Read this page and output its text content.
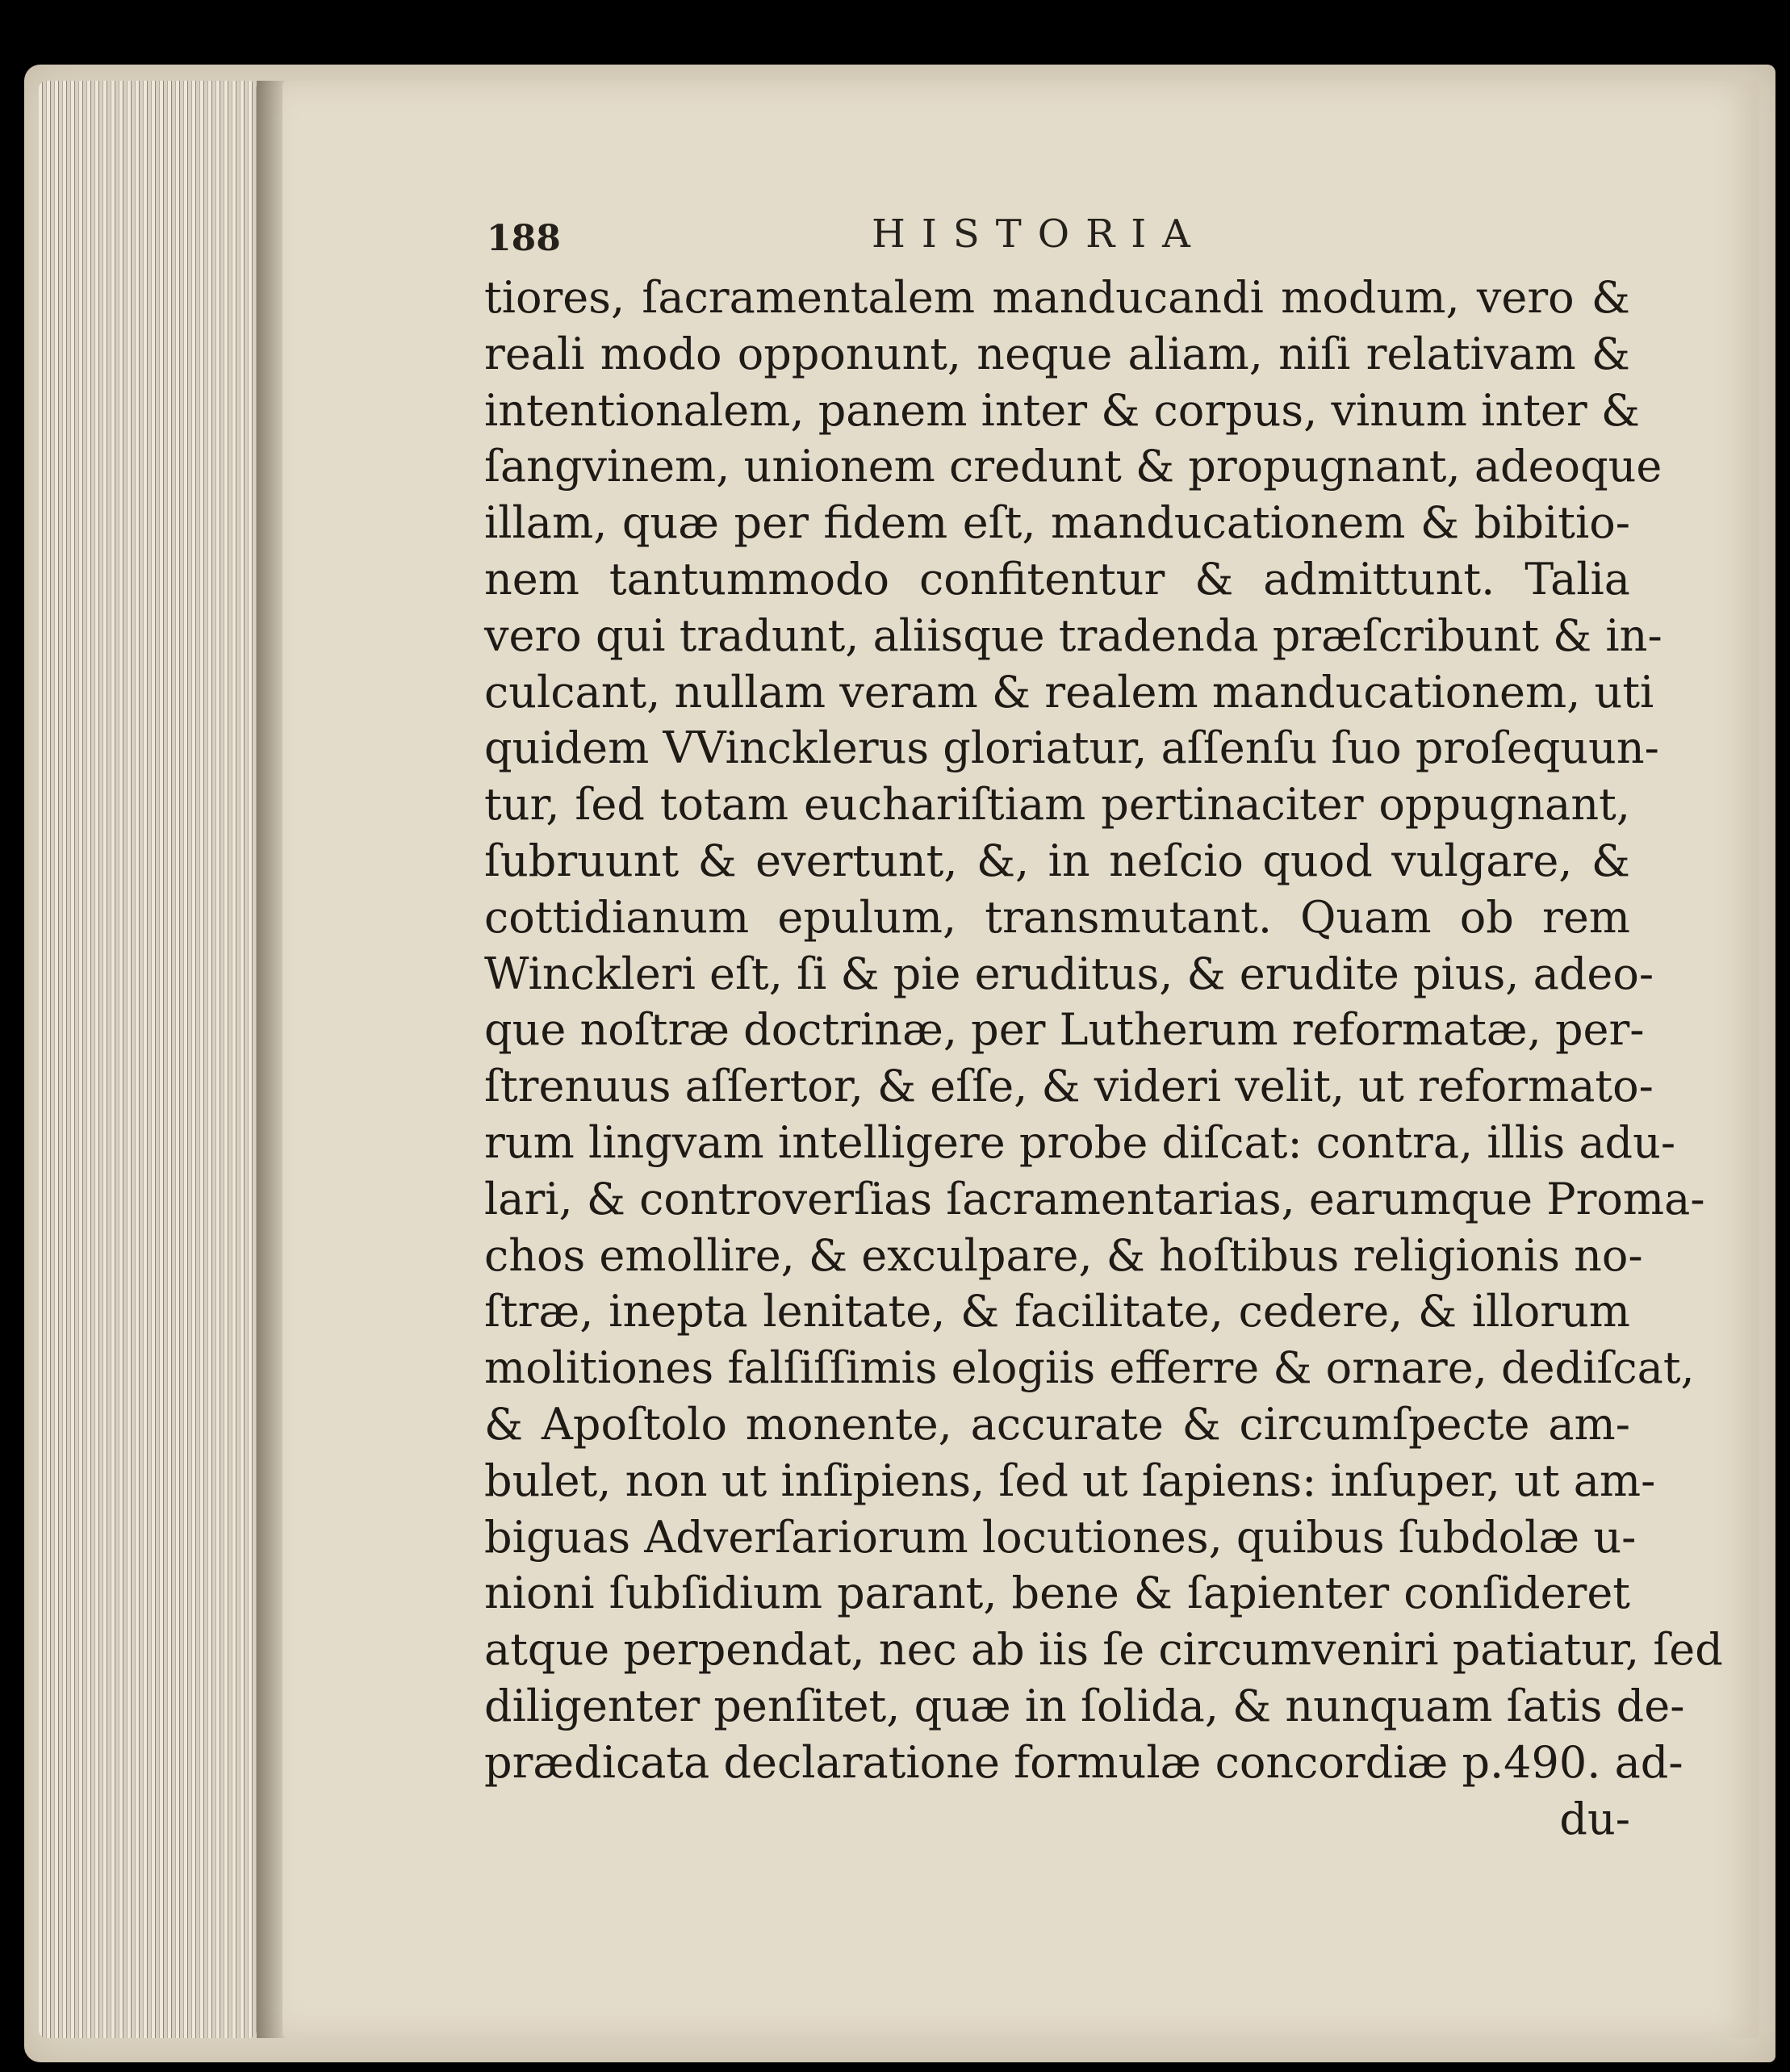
188	HISTORIA
tiores, ſacramentalem manducandi modum, vero &
reali modo opponunt, neque aliam, niſi relativam &
intentionalem, panem inter & corpus, vinum inter &
ſangvinem, unionem credunt & propugnant, adeoque
illam, quæ per fidem eſt, manducationem & bibitio-
nem tantummodo confitentur & admittunt. Talia
vero qui tradunt, aliisque tradenda præſcribunt & in-
culcant, nullam veram & realem manducationem, uti
quidem VVincklerus gloriatur, aſſenſu ſuo proſequun-
tur, ſed totam euchariſtiam pertinaciter oppugnant,
ſubruunt & evertunt, &, in neſcio quod vulgare, &
cottidianum epulum, transmutant. Quam ob rem
Winckleri eſt, ſi & pie eruditus, & erudite pius, adeo-
que noſtræ doctrinæ, per Lutherum reformatæ, per-
ſtrenuus aſſertor, & eſſe, & videri velit, ut reformato-
rum lingvam intelligere probe diſcat: contra, illis adu-
lari, & controverſias ſacramentarias, earumque Proma-
chos emollire, & exculpare, & hoſtibus religionis no-
ſtræ, inepta lenitate, & facilitate, cedere, & illorum
molitiones falſiſſimis elogiis efferre & ornare, dediſcat,
& Apoſtolo monente, accurate & circumſpecte am-
bulet, non ut inſipiens, ſed ut ſapiens: inſuper, ut am-
biguas Adverſariorum locutiones, quibus ſubdolæ u-
nioni ſubſidium parant, bene & ſapienter conſideret
atque perpendat, nec ab iis ſe circumveniri patiatur, ſed
diligenter penſitet, quæ in ſolida, & nunquam ſatis de-
prædicata declaratione formulæ concordiæ p.490. ad-
du-
